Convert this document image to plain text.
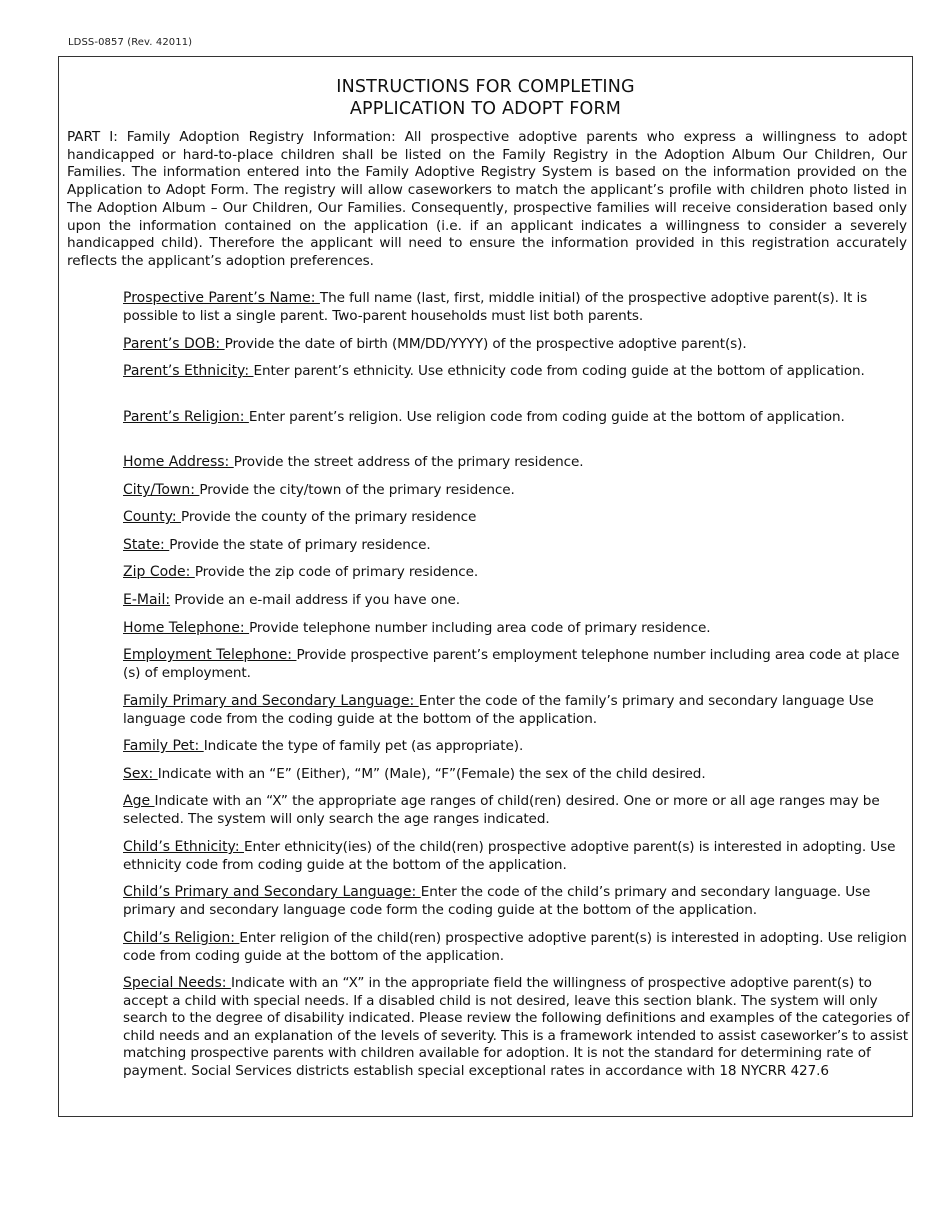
LDSS-0857 (Rev. 42011)
INSTRUCTIONS FOR COMPLETING
APPLICATION TO ADOPT FORM

PART I: Family Adoption Registry Information: All prospective adoptive parents who express a willingness to adopt handicapped or hard-to-place children shall be listed on the Family Registry in the Adoption Album Our Children, Our Families. The information entered into the Family Adoptive Registry System is based on the information provided on the Application to Adopt Form. The registry will allow caseworkers to match the applicant’s profile with children photo listed in The Adoption Album – Our Children, Our Families. Consequently, prospective families will receive consideration based only upon the information contained on the application (i.e. if an applicant indicates a willingness to consider a severely handicapped child). Therefore the applicant will need to ensure the information provided in this registration accurately reflects the applicant’s adoption preferences.

Prospective Parent’s Name: The full name (last, first, middle initial) of the prospective adoptive parent(s). It is possible to list a single parent. Two-parent households must list both parents.

Parent’s DOB: Provide the date of birth (MM/DD/YYYY) of the prospective adoptive parent(s).

Parent’s Ethnicity: Enter parent’s ethnicity. Use ethnicity code from coding guide at the bottom of application.

Parent’s Religion: Enter parent’s religion. Use religion code from coding guide at the bottom of application.

Home Address: Provide the street address of the primary residence.

City/Town: Provide the city/town of the primary residence.

County: Provide the county of the primary residence

State: Provide the state of primary residence.

Zip Code: Provide the zip code of primary residence.

E-Mail: Provide an e-mail address if you have one.

Home Telephone: Provide telephone number including area code of primary residence.

Employment Telephone: Provide prospective parent’s employment telephone number including area code at place (s) of employment.

Family Primary and Secondary Language: Enter the code of the family’s primary and secondary language Use language code from the coding guide at the bottom of the application.

Family Pet: Indicate the type of family pet (as appropriate).

Sex: Indicate with an “E” (Either), “M” (Male), “F”(Female) the sex of the child desired.

Age Indicate with an “X” the appropriate age ranges of child(ren) desired. One or more or all age ranges may be selected. The system will only search the age ranges indicated.

Child’s Ethnicity: Enter ethnicity(ies) of the child(ren) prospective adoptive parent(s) is interested in adopting. Use ethnicity code from coding guide at the bottom of the application.

Child’s Primary and Secondary Language: Enter the code of the child’s primary and secondary language. Use primary and secondary language code form the coding guide at the bottom of the application.

Child’s Religion: Enter religion of the child(ren) prospective adoptive parent(s) is interested in adopting. Use religion code from coding guide at the bottom of the application.

Special Needs: Indicate with an “X” in the appropriate field the willingness of prospective adoptive parent(s) to accept a child with special needs. If a disabled child is not desired, leave this section blank. The system will only search to the degree of disability indicated. Please review the following definitions and examples of the categories of child needs and an explanation of the levels of severity. This is a framework intended to assist caseworker’s to assist matching prospective parents with children available for adoption. It is not the standard for determining rate of payment. Social Services districts establish special exceptional rates in accordance with 18 NYCRR 427.6
